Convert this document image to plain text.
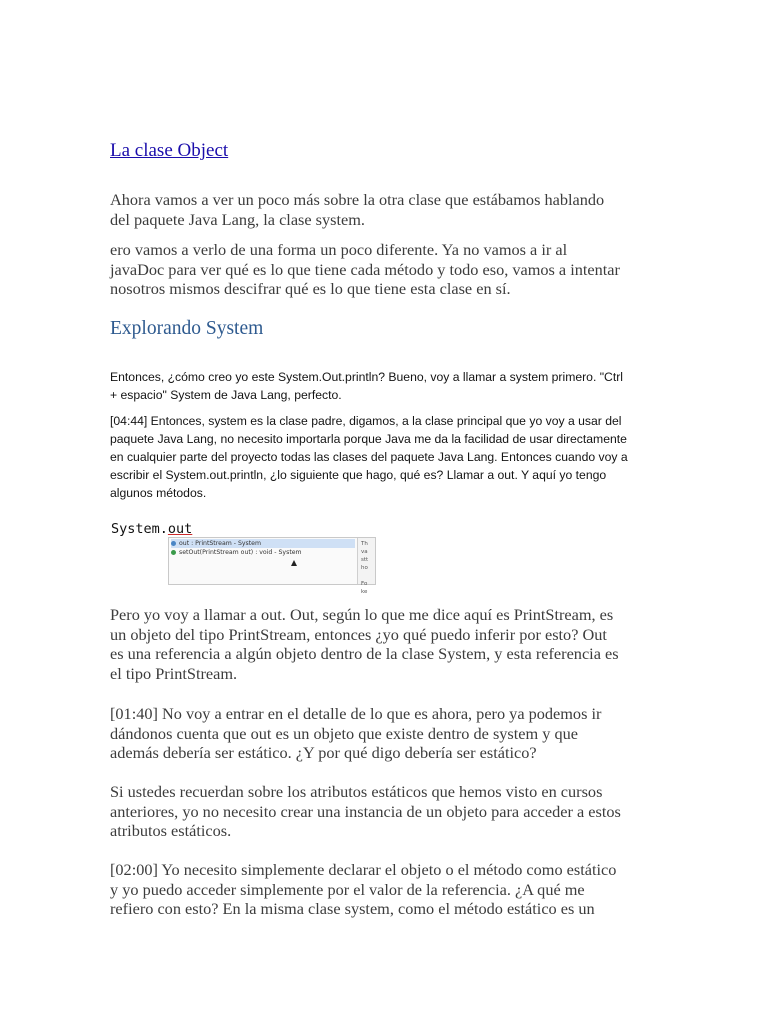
La clase Object

Ahora vamos a ver un poco más sobre la otra clase que estábamos hablando
del paquete Java Lang, la clase system.

ero vamos a verlo de una forma un poco diferente. Ya no vamos a ir al
javaDoc para ver qué es lo que tiene cada método y todo eso, vamos a intentar
nosotros mismos descifrar qué es lo que tiene esta clase en sí.

Explorando System

Entonces, ¿cómo creo yo este System.Out.println? Bueno, voy a llamar a system primero. "Ctrl
+ espacio" System de Java Lang, perfecto.

[04:44] Entonces, system es la clase padre, digamos, a la clase principal que yo voy a usar del
paquete Java Lang, no necesito importarla porque Java me da la facilidad de usar directamente
en cualquier parte del proyecto todas las clases del paquete Java Lang. Entonces cuando voy a
escribir el System.out.println, ¿lo siguiente que hago, qué es? Llamar a out. Y aquí yo tengo
algunos métodos.

System.out
out : PrintStream - System
setOut(PrintStream out) : void - System
Th
va
stt
ho
Fo
ke

Pero yo voy a llamar a out. Out, según lo que me dice aquí es PrintStream, es
un objeto del tipo PrintStream, entonces ¿yo qué puedo inferir por esto? Out
es una referencia a algún objeto dentro de la clase System, y esta referencia es
el tipo PrintStream.

[01:40] No voy a entrar en el detalle de lo que es ahora, pero ya podemos ir
dándonos cuenta que out es un objeto que existe dentro de system y que
además debería ser estático. ¿Y por qué digo debería ser estático?

Si ustedes recuerdan sobre los atributos estáticos que hemos visto en cursos
anteriores, yo no necesito crear una instancia de un objeto para acceder a estos
atributos estáticos.

[02:00] Yo necesito simplemente declarar el objeto o el método como estático
y yo puedo acceder simplemente por el valor de la referencia. ¿A qué me
refiero con esto? En la misma clase system, como el método estático es un
